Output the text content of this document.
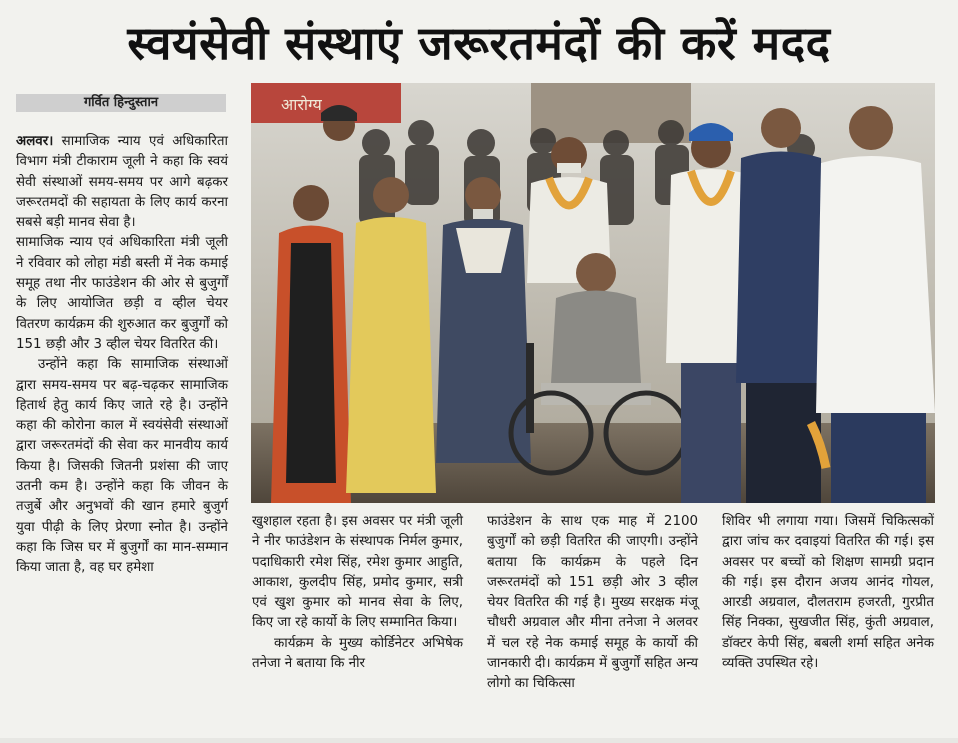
स्वयंसेवी संस्थाएं जरूरतमंदों की करें मदद
गर्वित हिन्दुस्तान

अलवर। सामाजिक न्याय एवं अधिकारिता विभाग मंत्री टीकाराम जूली ने कहा कि स्वयं सेवी संस्थाओं समय-समय पर आगे बढ़कर जरूरतमदों की सहायता के लिए कार्य करना सबसे बड़ी मानव सेवा है।

सामाजिक न्याय एवं अधिकारिता मंत्री जूली ने रविवार को लोहा मंडी बस्ती में नेक कमाई समूह तथा नीर फाउंडेशन की ओर से बुजुर्गों के लिए आयोजित छड़ी व व्हील चेयर वितरण कार्यक्रम की शुरुआत कर बुजुर्गों को 151 छड़ी और 3 व्हील चेयर वितरित की।

उन्होंने कहा कि सामाजिक संस्थाओं द्वारा समय-समय पर बढ़-चढ़कर सामाजिक हितार्थ हेतु कार्य किए जाते रहे है। उन्होंने कहा की कोरोना काल में स्वयंसेवी संस्थाओं द्वारा जरूरतमंदों की सेवा कर मानवीय कार्य किया है। जिसकी जितनी प्रशंसा की जाए उतनी कम है। उन्होंने कहा कि जीवन के तजुर्बे और अनुभवों की खान हमारे बुजुर्ग युवा पीढ़ी के लिए प्रेरणा स्नोत है। उन्होंने कहा कि जिस घर में बुजुर्गों का मान-सम्मान किया जाता है, वह घर हमेशा

आरोग्य

खुशहाल रहता है। इस अवसर पर मंत्री जूली ने नीर फाउंडेशन के संस्थापक निर्मल कुमार, पदाधिकारी रमेश सिंह, रमेश कुमार आहुति, आकाश, कुलदीप सिंह, प्रमोद कुमार, सत्री एवं खुश कुमार को मानव सेवा के लिए, किए जा रहे कार्यो के लिए सम्मानित किया।

कार्यक्रम के मुख्य कोर्डिनेटर अभिषेक तनेजा ने बताया कि नीर

फाउंडेशन के साथ एक माह में 2100 बुजुर्गों को छड़ी वितरित की जाएगी। उन्होंने बताया कि कार्यक्रम के पहले दिन जरूरतमंदों को 151 छड़ी ओर 3 व्हील चेयर वितरित की गई है। मुख्य सरक्षक मंजू चौधरी अग्रवाल और मीना तनेजा ने अलवर में चल रहे नेक कमाई समूह के कार्यो की जानकारी दी। कार्यक्रम में बुजुर्गों सहित अन्य लोगो का चिकित्सा

शिविर भी लगाया गया। जिसमें चिकित्सकों द्वारा जांच कर दवाइयां वितरित की गई। इस अवसर पर बच्चों को शिक्षण सामग्री प्रदान की गई। इस दौरान अजय आनंद गोयल, आरडी अग्रवाल, दौलतराम हजरती, गुरप्रीत सिंह निक्का, सुखजीत सिंह, कुंती अग्रवाल, डॉक्टर केपी सिंह, बबली शर्मा सहित अनेक व्यक्ति उपस्थित रहे।
